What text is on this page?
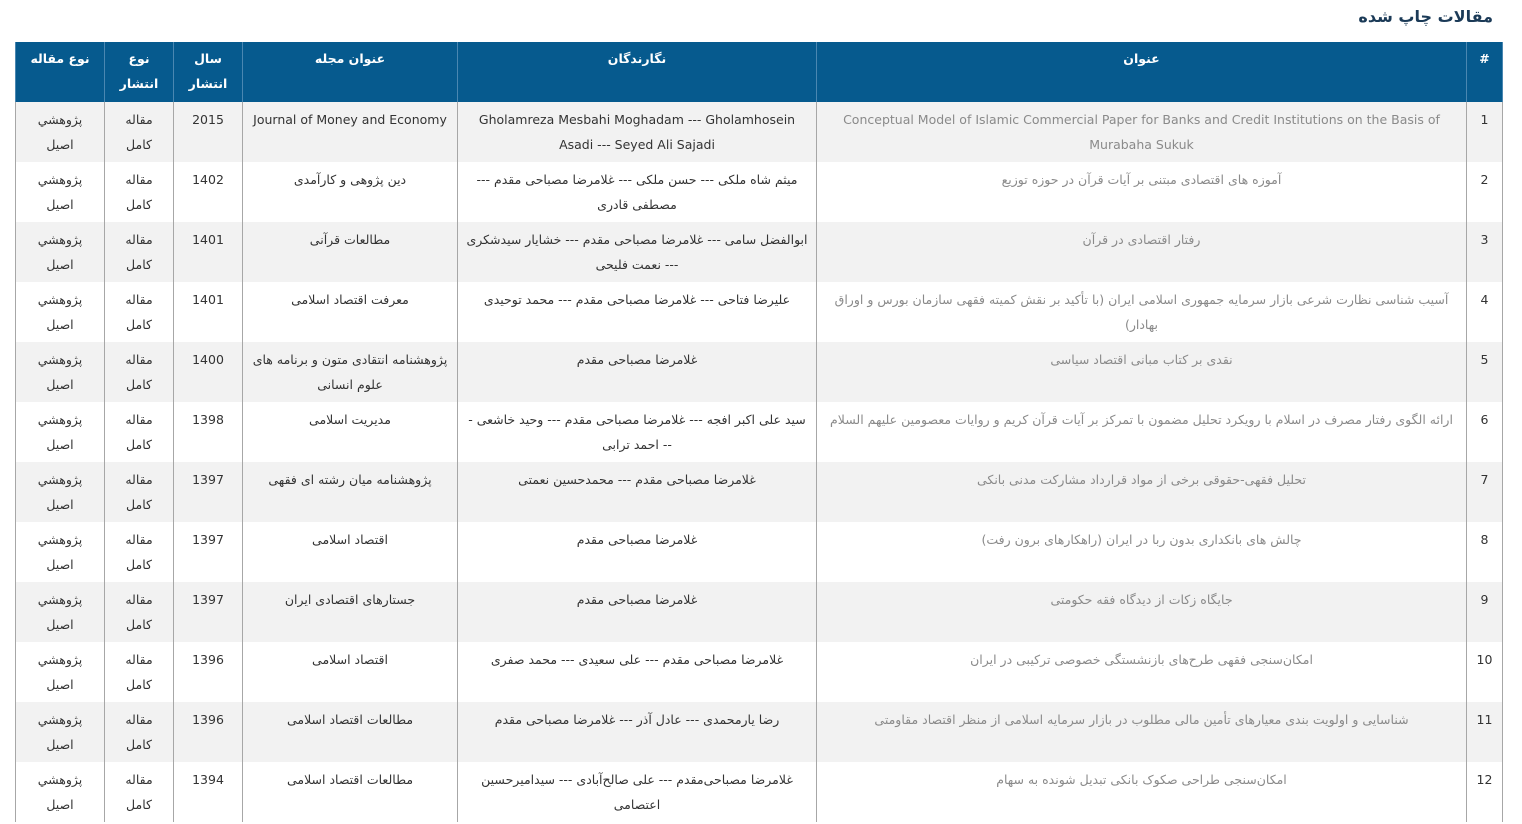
مقالات چاپ شده
#	عنوان	نگارندگان	عنوان مجله	سال انتشار	نوع انتشار	نوع مقاله
1	Conceptual Model of Islamic Commercial Paper for Banks and Credit Institutions on the Basis of Murabaha Sukuk	Gholamreza Mesbahi Moghadam --- Gholamhosein Asadi --- Seyed Ali Sajadi	Journal of Money and Economy	2015	مقاله کامل	پژوهشي اصيل
2	آموزه های اقتصادی مبتنی بر آیات قرآن در حوزه توزیع	میثم شاه ملکی --- حسن ملکی --- غلامرضا مصباحی مقدم --- مصطفی قادری	دین پژوهی و کارآمدی	1402	مقاله کامل	پژوهشي اصيل
3	رفتار اقتصادی در قرآن	ابوالفضل سامی --- غلامرضا مصباحی مقدم --- خشایار سیدشکری --- نعمت فلیحی	مطالعات قرآنی	1401	مقاله کامل	پژوهشي اصيل
4	آسیب شناسی نظارت شرعی بازار سرمایه جمهوری اسلامی ایران (با تأکید بر نقش کمیته فقهی سازمان بورس و اوراق بهادار)	علیرضا فتاحی --- غلامرضا مصباحی مقدم --- محمد توحیدی	معرفت اقتصاد اسلامی	1401	مقاله کامل	پژوهشي اصيل
5	نقدی بر کتاب مبانی اقتصاد سیاسی	غلامرضا مصباحی مقدم	پژوهشنامه انتقادی متون و برنامه های علوم انسانی	1400	مقاله کامل	پژوهشي اصيل
6	ارائه الگوی رفتار مصرف در اسلام با رویکرد تحلیل مضمون با تمرکز بر آیات قرآن کریم و روایات معصومین علیهم السلام	سید علی اکبر افجه --- غلامرضا مصباحی مقدم --- وحید خاشعی --- احمد ترابی	مدیریت اسلامی	1398	مقاله کامل	پژوهشي اصيل
7	تحلیل فقهی-حقوقی برخی از مواد قرارداد مشارکت مدنی بانکی	غلامرضا مصباحی مقدم --- محمدحسین نعمتی	پژوهشنامه میان رشته ای فقهی	1397	مقاله کامل	پژوهشي اصيل
8	چالش های بانکداری بدون ربا در ایران (راهکارهای برون رفت)	غلامرضا مصباحی مقدم	اقتصاد اسلامی	1397	مقاله کامل	پژوهشي اصيل
9	جایگاه زکات از دیدگاه فقه حکومتی	غلامرضا مصباحی مقدم	جستارهای اقتصادی ایران	1397	مقاله کامل	پژوهشي اصيل
10	امکان‌سنجی فقهی طرح‌های بازنشستگی خصوصی ترکیبی در ایران	غلامرضا مصباحی مقدم --- علی سعیدی --- محمد صفری	اقتصاد اسلامی	1396	مقاله کامل	پژوهشي اصيل
11	شناسایی و اولویت بندی معیارهای تأمین مالی مطلوب در بازار سرمایه اسلامی از منظر اقتصاد مقاومتی	رضا یارمحمدی --- عادل آذر --- غلامرضا مصباحی مقدم	مطالعات اقتصاد اسلامی	1396	مقاله کامل	پژوهشي اصيل
12	امکان‌سنجی طراحی صکوک بانکی تبدیل شونده به سهام	غلامرضا مصباحی‌مقدم --- علی صالح‌آبادی --- سیدامیرحسین اعتصامی	مطالعات اقتصاد اسلامی	1394	مقاله کامل	پژوهشي اصيل
